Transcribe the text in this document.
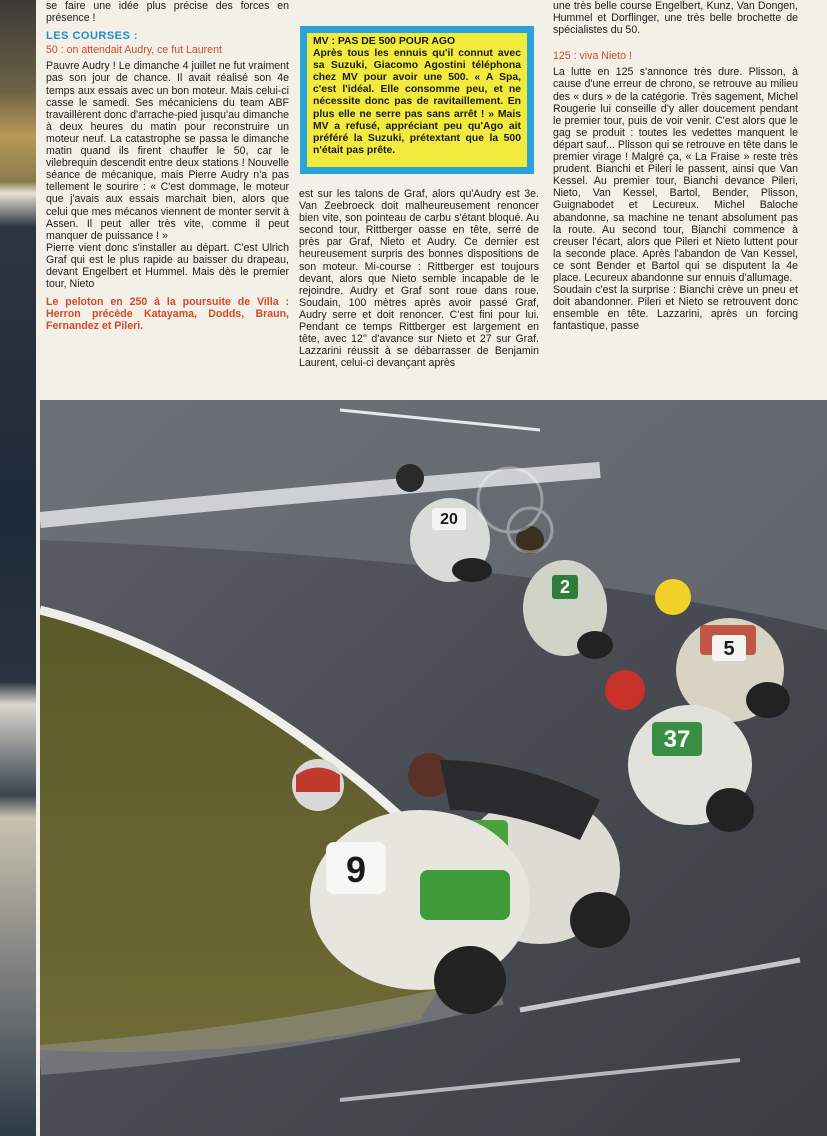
se faire une idée plus précise des forces en présence !

LES COURSES :
50 : on attendait Audry, ce fut Laurent

Pauvre Audry ! Le dimanche 4 juillet ne fut vraiment pas son jour de chance. Il avait réalisé son 4e temps aux essais avec un bon moteur. Mais celui-ci casse le samedi. Ses mécaniciens du team ABF travaillèrent donc d'arrache-pied jusqu'au dimanche à deux heures du matin pour reconstruire un moteur neuf. La catastrophe se passa le dimanche matin quand ils firent chauffer le 50, car le vilebrequin descendit entre deux stations ! Nouvelle séance de mécanique, mais Pierre Audry n'a pas tellement le sourire : « C'est dommage, le moteur que j'avais aux essais marchait bien, alors que celui que mes mécanos viennent de monter servit à Assen. Il peut aller très vite, comme il peut manquer de puissance ! »

Pierre vient donc s'installer au départ. C'est Ulrich Graf qui est le plus rapide au baisser du drapeau, devant Engelbert et Hummel. Mais dès le premier tour, Nieto

Le peloton en 250 à la poursuite de Villa : Herron précède Katayama, Dodds, Braun, Fernandez et Pileri.
MV : PAS DE 500 POUR AGO
Après tous les ennuis qu'il connut avec sa Suzuki, Giacomo Agostini téléphona chez MV pour avoir une 500. « A Spa, c'est l'idéal. Elle consomme peu, et ne nécessite donc pas de ravitaillement. En plus elle ne serre pas sans arrêt ! » Mais MV a refusé, appréciant peu qu'Ago ait préféré la Suzuki, prétextant que la 500 n'était pas prête.

est sur les talons de Graf, alors qu'Audry est 3e. Van Zeebroeck doit malheureusement renoncer bien vite, son pointeau de carbu s'étant bloqué. Au second tour, Rittberger oasse en tête, serré de près par Graf, Nieto et Audry. Ce dernier est heureusement surpris des bonnes dispositions de son moteur. Mi-course : Rittberger est toujours devant, alors que Nieto semble incapable de le rejoindre. Audry et Graf sont roue dans roue. Soudain, 100 mètres après avoir passé Graf, Audry serre et doit renoncer. C'est fini pour lui. Pendant ce temps Rittberger est largement en tête, avec 12'' d'avance sur Nieto et 27 sur Graf. Lazzarini réussit à se débarrasser de Benjamin Laurent, celui-ci devançant après

une très belle course Engelbert, Kunz, Van Dongen, Hummel et Dorflinger, une très belle brochette de spécialistes du 50.

125 : viva Nieto !

La lutte en 125 s'annonce très dure. Plisson, à cause d'une erreur de chrono, se retrouve au milieu des « durs » de la catégorie. Très sagement, Michel Rougerie lui conseille d'y aller doucement pendant le premier tour, puis de voir venir. C'est alors que le gag se produit : toutes les vedettes manquent le départ sauf... Plisson qui se retrouve en tête dans le premier virage ! Malgré ça, « La Fraise » reste très prudent. Bianchi et Pileri le passent, ainsi que Van Kessel. Au premier tour, Bianchi devance Pileri, Nieto, Van Kessel, Bartol, Bender, Plisson, Guignabodet et Lecureux. Michel Baloche abandonne, sa machine ne tenant absolument pas la route. Au second tour, Bianchi commence à creuser l'écart, alors que Pileri et Nieto luttent pour la seconde place. Après l'abandon de Van Kessel, ce sont Bender et Bartol qui se disputent la 4e place. Lecureux abandonne sur ennuis d'allumage.

Soudain c'est la surprise : Bianchi crève un pneu et doit abandonner. Pileri et Nieto se retrouvent donc ensemble en tête. Lazzarini, après un forcing fantastique, passe

20
2
5
37
9
